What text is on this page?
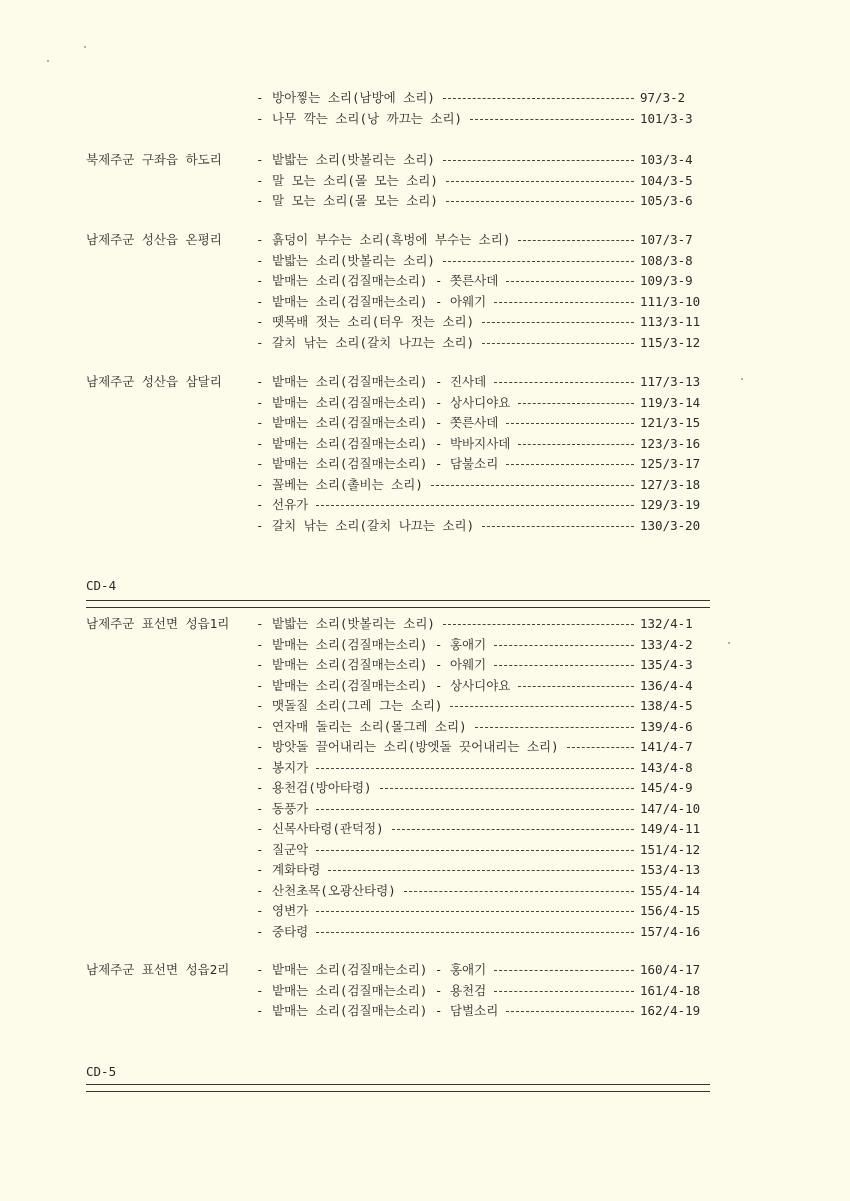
- 방아찧는 소리(남방에 소리)	97/3-2
- 나무 깍는 소리(낭 까끄는 소리)	101/3-3
북제주군 구좌읍 하도리	- 밭밟는 소리(밧볼리는 소리)	103/3-4
- 말 모는 소리(몰 모는 소리)	104/3-5
- 말 모는 소리(몰 모는 소리)	105/3-6
남제주군 성산읍 온평리	- 흙덩이 부수는 소리(흑벙에 부수는 소리)	107/3-7
- 밭밟는 소리(밧볼리는 소리)	108/3-8
- 밭매는 소리(검질매는소리) - 쫏른사데	109/3-9
- 밭매는 소리(검질매는소리) - 아웨기	111/3-10
- 뗏목배 젓는 소리(터우 젓는 소리)	113/3-11
- 갈치 낚는 소리(갈치 나끄는 소리)	115/3-12
남제주군 성산읍 삼달리	- 밭매는 소리(검질매는소리) - 진사데	117/3-13
- 밭매는 소리(검질매는소리) - 상사디야요	119/3-14
- 밭매는 소리(검질매는소리) - 쫏른사데	121/3-15
- 밭매는 소리(검질매는소리) - 박바지사데	123/3-16
- 밭매는 소리(검질매는소리) - 담불소리	125/3-17
- 꼴베는 소리(촐비는 소리)	127/3-18
- 선유가	129/3-19
- 갈치 낚는 소리(갈치 나끄는 소리)	130/3-20
남제주군 표선면 성읍1리 - 밭밟는 소리(밧볼리는 소리)	132/4-1
- 밭매는 소리(검질매는소리) - 홍애기	133/4-2
- 밭매는 소리(검질매는소리) - 아웨기	135/4-3
- 밭매는 소리(검질매는소리) - 상사디야요	136/4-4
- 맷돌질 소리(그레 그는 소리)	138/4-5
- 연자매 돌리는 소리(몰그레 소리)	139/4-6
- 방앗돌 끌어내리는 소리(방엣돌 끗어내리는 소리)	141/4-7
- 봉지가	143/4-8
- 용천검(방아타령)	145/4-9
- 동풍가	147/4-10
- 신목사타령(관덕정)	149/4-11
- 질군악	151/4-12
- 계화타령	153/4-13
- 산천초목(오광산타령)	155/4-14
- 영변가	156/4-15
- 중타령	157/4-16
남제주군 표선면 성읍2리 - 밭매는 소리(검질매는소리) - 홍애기	160/4-17
- 밭매는 소리(검질매는소리) - 용천검	161/4-18
- 밭매는 소리(검질매는소리) - 담벌소리	162/4-19
CD-4
CD-5
